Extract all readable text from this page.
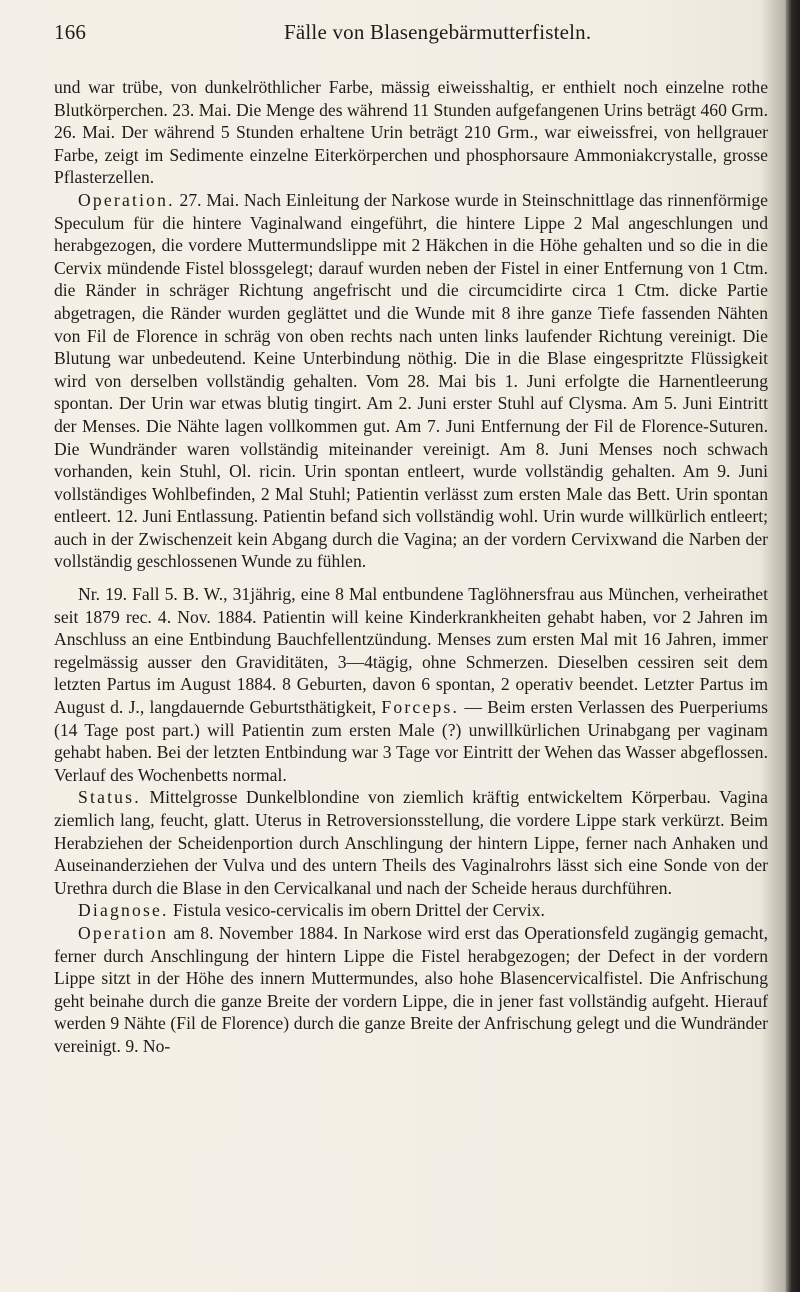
166	Fälle von Blasengebärmutterfisteln.

und war trübe, von dunkelröthlicher Farbe, mässig eiweisshaltig, er enthielt noch einzelne rothe Blutkörperchen. 23. Mai. Die Menge des während 11 Stunden aufgefangenen Urins beträgt 460 Grm. 26. Mai. Der während 5 Stunden erhaltene Urin beträgt 210 Grm., war eiweissfrei, von hellgrauer Farbe, zeigt im Sedimente einzelne Eiterkörperchen und phosphorsaure Ammoniakcrystalle, grosse Pflasterzellen.

Operation. 27. Mai. Nach Einleitung der Narkose wurde in Steinschnittlage das rinnenförmige Speculum für die hintere Vaginalwand eingeführt, die hintere Lippe 2 Mal angeschlungen und herabgezogen, die vordere Muttermundslippe mit 2 Häkchen in die Höhe gehalten und so die in die Cervix mündende Fistel blossgelegt; darauf wurden neben der Fistel in einer Entfernung von 1 Ctm. die Ränder in schräger Richtung angefrischt und die circumcidirte circa 1 Ctm. dicke Partie abgetragen, die Ränder wurden geglättet und die Wunde mit 8 ihre ganze Tiefe fassenden Nähten von Fil de Florence in schräg von oben rechts nach unten links laufender Richtung vereinigt. Die Blutung war unbedeutend. Keine Unterbindung nöthig. Die in die Blase eingespritzte Flüssigkeit wird von derselben vollständig gehalten. Vom 28. Mai bis 1. Juni erfolgte die Harnentleerung spontan. Der Urin war etwas blutig tingirt. Am 2. Juni erster Stuhl auf Clysma. Am 5. Juni Eintritt der Menses. Die Nähte lagen vollkommen gut. Am 7. Juni Entfernung der Fil de Florence-Suturen. Die Wundränder waren vollständig miteinander vereinigt. Am 8. Juni Menses noch schwach vorhanden, kein Stuhl, Ol. ricin. Urin spontan entleert, wurde vollständig gehalten. Am 9. Juni vollständiges Wohlbefinden, 2 Mal Stuhl; Patientin verlässt zum ersten Male das Bett. Urin spontan entleert. 12. Juni Entlassung. Patientin befand sich vollständig wohl. Urin wurde willkürlich entleert; auch in der Zwischenzeit kein Abgang durch die Vagina; an der vordern Cervixwand die Narben der vollständig geschlossenen Wunde zu fühlen.

Nr. 19. Fall 5. B. W., 31jährig, eine 8 Mal entbundene Taglöhnersfrau aus München, verheirathet seit 1879 rec. 4. Nov. 1884. Patientin will keine Kinderkrankheiten gehabt haben, vor 2 Jahren im Anschluss an eine Entbindung Bauchfellentzündung. Menses zum ersten Mal mit 16 Jahren, immer regelmässig ausser den Graviditäten, 3—4tägig, ohne Schmerzen. Dieselben cessiren seit dem letzten Partus im August 1884. 8 Geburten, davon 6 spontan, 2 operativ beendet. Letzter Partus im August d. J., langdauernde Geburtsthätigkeit, Forceps. — Beim ersten Verlassen des Puerperiums (14 Tage post part.) will Patientin zum ersten Male (?) unwillkürlichen Urinabgang per vaginam gehabt haben. Bei der letzten Entbindung war 3 Tage vor Eintritt der Wehen das Wasser abgeflossen. Verlauf des Wochenbetts normal.

Status. Mittelgrosse Dunkelblondine von ziemlich kräftig entwickeltem Körperbau. Vagina ziemlich lang, feucht, glatt. Uterus in Retroversionsstellung, die vordere Lippe stark verkürzt. Beim Herabziehen der Scheidenportion durch Anschlingung der hintern Lippe, ferner nach Anhaken und Auseinanderziehen der Vulva und des untern Theils des Vaginalrohrs lässt sich eine Sonde von der Urethra durch die Blase in den Cervicalkanal und nach der Scheide heraus durchführen.

Diagnose. Fistula vesico-cervicalis im obern Drittel der Cervix.

Operation am 8. November 1884. In Narkose wird erst das Operationsfeld zugängig gemacht, ferner durch Anschlingung der hintern Lippe die Fistel herabgezogen; der Defect in der vordern Lippe sitzt in der Höhe des innern Muttermundes, also hohe Blasencervicalfistel. Die Anfrischung geht beinahe durch die ganze Breite der vordern Lippe, die in jener fast vollständig aufgeht. Hierauf werden 9 Nähte (Fil de Florence) durch die ganze Breite der Anfrischung gelegt und die Wundränder vereinigt. 9. No-
